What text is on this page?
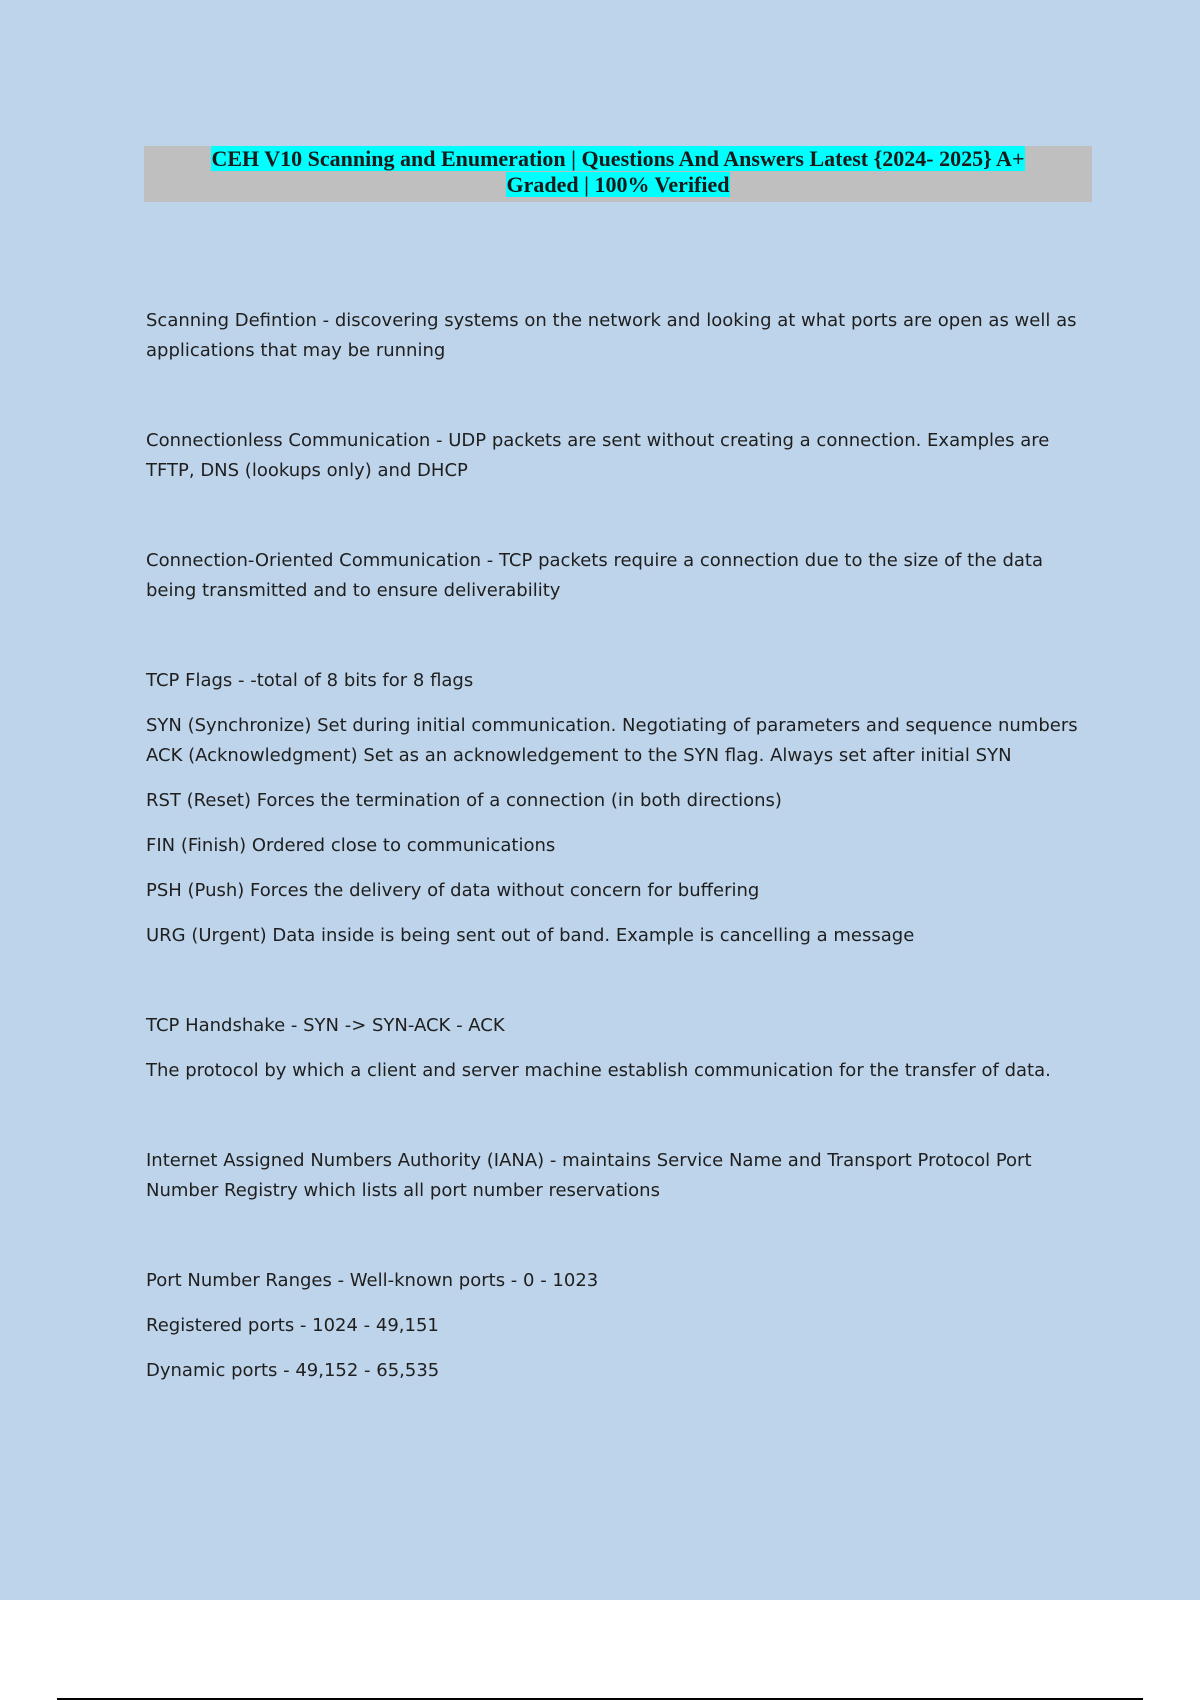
CEH V10 Scanning and Enumeration | Questions And Answers Latest {2024- 2025} A+
Graded | 100% Verified

Scanning Defintion - discovering systems on the network and looking at what ports are open as well as

applications that may be running

Connectionless Communication - UDP packets are sent without creating a connection. Examples are

TFTP, DNS (lookups only) and DHCP

Connection-Oriented Communication - TCP packets require a connection due to the size of the data

being transmitted and to ensure deliverability

TCP Flags - -total of 8 bits for 8 flags

SYN (Synchronize) Set during initial communication. Negotiating of parameters and sequence numbers

ACK (Acknowledgment) Set as an acknowledgement to the SYN flag. Always set after initial SYN

RST (Reset) Forces the termination of a connection (in both directions)

FIN (Finish) Ordered close to communications

PSH (Push) Forces the delivery of data without concern for buffering

URG (Urgent) Data inside is being sent out of band. Example is cancelling a message

TCP Handshake - SYN -> SYN-ACK - ACK

The protocol by which a client and server machine establish communication for the transfer of data.

Internet Assigned Numbers Authority (IANA) - maintains Service Name and Transport Protocol Port

Number Registry which lists all port number reservations

Port Number Ranges - Well-known ports - 0 - 1023

Registered ports - 1024 - 49,151

Dynamic ports - 49,152 - 65,535
